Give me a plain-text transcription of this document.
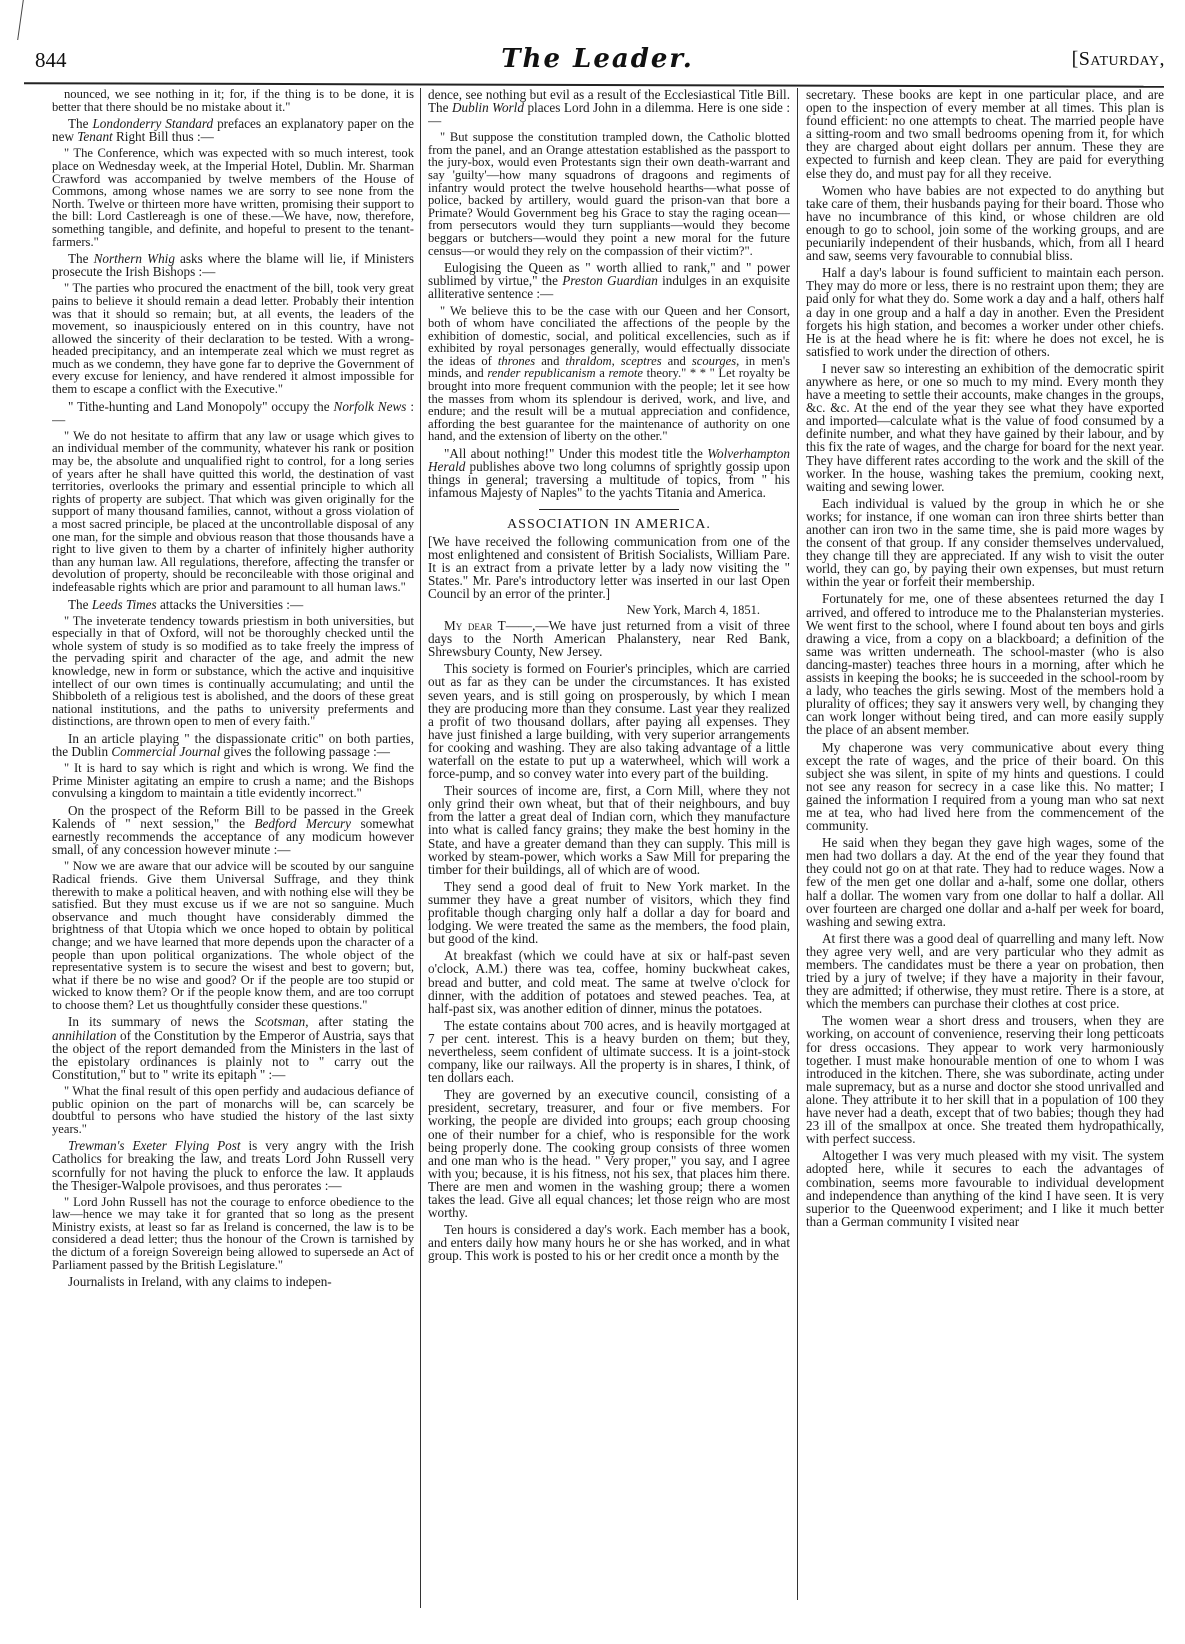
844	The Leader.	[Saturday,

nounced, we see nothing in it; for, if the thing is to be done, it is better that there should be no mistake about it."

The Londonderry Standard prefaces an explanatory paper on the new Tenant Right Bill thus :—

" The Conference, which was expected with so much interest, took place on Wednesday week, at the Imperial Hotel, Dublin. Mr. Sharman Crawford was accompanied by twelve members of the House of Commons, among whose names we are sorry to see none from the North. Twelve or thirteen more have written, promising their support to the bill: Lord Castlereagh is one of these.—We have, now, therefore, something tangible, and definite, and hopeful to present to the tenant-farmers."

The Northern Whig asks where the blame will lie, if Ministers prosecute the Irish Bishops :—

" The parties who procured the enactment of the bill, took very great pains to believe it should remain a dead letter. Probably their intention was that it should so remain; but, at all events, the leaders of the movement, so inauspiciously entered on in this country, have not allowed the sincerity of their declaration to be tested. With a wrong-headed precipitancy, and an intemperate zeal which we must regret as much as we condemn, they have gone far to deprive the Government of every excuse for leniency, and have rendered it almost impossible for them to escape a conflict with the Executive."

" Tithe-hunting and Land Monopoly" occupy the Norfolk News :—

" We do not hesitate to affirm that any law or usage which gives to an individual member of the community, whatever his rank or position may be, the absolute and unqualified right to control, for a long series of years after he shall have quitted this world, the destination of vast territories, overlooks the primary and essential principle to which all rights of property are subject. That which was given originally for the support of many thousand families, cannot, without a gross violation of a most sacred principle, be placed at the uncontrollable disposal of any one man, for the simple and obvious reason that those thousands have a right to live given to them by a charter of infinitely higher authority than any human law. All regulations, therefore, affecting the transfer or devolution of property, should be reconcileable with those original and indefeasable rights which are prior and paramount to all human laws."

The Leeds Times attacks the Universities :—

" The inveterate tendency towards priestism in both universities, but especially in that of Oxford, will not be thoroughly checked until the whole system of study is so modified as to take freely the impress of the pervading spirit and character of the age, and admit the new knowledge, new in form or substance, which the active and inquisitive intellect of our own times is continually accumulating; and until the Shibboleth of a religious test is abolished, and the doors of these great national institutions, and the paths to university preferments and distinctions, are thrown open to men of every faith."

In an article playing " the dispassionate critic" on both parties, the Dublin Commercial Journal gives the following passage :—

" It is hard to say which is right and which is wrong. We find the Prime Minister agitating an empire to crush a name; and the Bishops convulsing a kingdom to maintain a title evidently incorrect."

On the prospect of the Reform Bill to be passed in the Greek Kalends of " next session," the Bedford Mercury somewhat earnestly recommends the acceptance of any modicum however small, of any concession however minute :—

" Now we are aware that our advice will be scouted by our sanguine Radical friends. Give them Universal Suffrage, and they think therewith to make a political heaven, and with nothing else will they be satisfied. But they must excuse us if we are not so sanguine. Much observance and much thought have considerably dimmed the brightness of that Utopia which we once hoped to obtain by political change; and we have learned that more depends upon the character of a people than upon political organizations. The whole object of the representative system is to secure the wisest and best to govern; but, what if there be no wise and good? Or if the people are too stupid or wicked to know them? Or if the people know them, and are too corrupt to choose them? Let us thoughtfully consider these questions."

In its summary of news the Scotsman, after stating the annihilation of the Constitution by the Emperor of Austria, says that the object of the report demanded from the Ministers in the last of the epistolary ordinances is plainly not to " carry out the Constitution," but to " write its epitaph " :—

" What the final result of this open perfidy and audacious defiance of public opinion on the part of monarchs will be, can scarcely be doubtful to persons who have studied the history of the last sixty years."

Trewman's Exeter Flying Post is very angry with the Irish Catholics for breaking the law, and treats Lord John Russell very scornfully for not having the pluck to enforce the law. It applauds the Thesiger-Walpole provisoes, and thus perorates :—

" Lord John Russell has not the courage to enforce obedience to the law—hence we may take it for granted that so long as the present Ministry exists, at least so far as Ireland is concerned, the law is to be considered a dead letter; thus the honour of the Crown is tarnished by the dictum of a foreign Sovereign being allowed to supersede an Act of Parliament passed by the British Legislature."

Journalists in Ireland, with any claims to indepen-

dence, see nothing but evil as a result of the Ecclesiastical Title Bill. The Dublin World places Lord John in a dilemma. Here is one side :—

" But suppose the constitution trampled down, the Catholic blotted from the panel, and an Orange attestation established as the passport to the jury-box, would even Protestants sign their own death-warrant and say 'guilty'—how many squadrons of dragoons and regiments of infantry would protect the twelve household hearths—what posse of police, backed by artillery, would guard the prison-van that bore a Primate? Would Government beg his Grace to stay the raging ocean—from persecutors would they turn suppliants—would they become beggars or butchers—would they point a new moral for the future census—or would they rely on the compassion of their victim?".

Eulogising the Queen as " worth allied to rank," and " power sublimed by virtue," the Preston Guardian indulges in an exquisite alliterative sentence :—

" We believe this to be the case with our Queen and her Consort, both of whom have conciliated the affections of the people by the exhibition of domestic, social, and political excellencies, such as if exhibited by royal personages generally, would effectually dissociate the ideas of thrones and thraldom, sceptres and scourges, in men's minds, and render republicanism a remote theory." * * " Let royalty be brought into more frequent communion with the people; let it see how the masses from whom its splendour is derived, work, and live, and endure; and the result will be a mutual appreciation and confidence, affording the best guarantee for the maintenance of authority on one hand, and the extension of liberty on the other."

"All about nothing!" Under this modest title the Wolverhampton Herald publishes above two long columns of sprightly gossip upon things in general; traversing a multitude of topics, from " his infamous Majesty of Naples" to the yachts Titania and America.

ASSOCIATION IN AMERICA.

[We have received the following communication from one of the most enlightened and consistent of British Socialists, William Pare. It is an extract from a private letter by a lady now visiting the " States." Mr. Pare's introductory letter was inserted in our last Open Council by an error of the printer.]

New York, March 4, 1851.

My dear T——,—We have just returned from a visit of three days to the North American Phalanstery, near Red Bank, Shrewsbury County, New Jersey.

This society is formed on Fourier's principles, which are carried out as far as they can be under the circumstances. It has existed seven years, and is still going on prosperously, by which I mean they are producing more than they consume. Last year they realized a profit of two thousand dollars, after paying all expenses. They have just finished a large building, with very superior arrangements for cooking and washing. They are also taking advantage of a little waterfall on the estate to put up a waterwheel, which will work a force-pump, and so convey water into every part of the building.

Their sources of income are, first, a Corn Mill, where they not only grind their own wheat, but that of their neighbours, and buy from the latter a great deal of Indian corn, which they manufacture into what is called fancy grains; they make the best hominy in the State, and have a greater demand than they can supply. This mill is worked by steam-power, which works a Saw Mill for preparing the timber for their buildings, all of which are of wood.

They send a good deal of fruit to New York market. In the summer they have a great number of visitors, which they find profitable though charging only half a dollar a day for board and lodging. We were treated the same as the members, the food plain, but good of the kind.

At breakfast (which we could have at six or half-past seven o'clock, A.M.) there was tea, coffee, hominy buckwheat cakes, bread and butter, and cold meat. The same at twelve o'clock for dinner, with the addition of potatoes and stewed peaches. Tea, at half-past six, was another edition of dinner, minus the potatoes.

The estate contains about 700 acres, and is heavily mortgaged at 7 per cent. interest. This is a heavy burden on them; but they, nevertheless, seem confident of ultimate success. It is a joint-stock company, like our railways. All the property is in shares, I think, of ten dollars each.

They are governed by an executive council, consisting of a president, secretary, treasurer, and four or five members. For working, the people are divided into groups; each group choosing one of their number for a chief, who is responsible for the work being properly done. The cooking group consists of three women and one man who is the head. " Very proper," you say, and I agree with you; because, it is his fitness, not his sex, that places him there. There are men and women in the washing group; there a women takes the lead. Give all equal chances; let those reign who are most worthy.

Ten hours is considered a day's work. Each member has a book, and enters daily how many hours he or she has worked, and in what group. This work is posted to his or her credit once a month by the

secretary. These books are kept in one particular place, and are open to the inspection of every member at all times. This plan is found efficient: no one attempts to cheat. The married people have a sitting-room and two small bedrooms opening from it, for which they are charged about eight dollars per annum. These they are expected to furnish and keep clean. They are paid for everything else they do, and must pay for all they receive.

Women who have babies are not expected to do anything but take care of them, their husbands paying for their board. Those who have no incumbrance of this kind, or whose children are old enough to go to school, join some of the working groups, and are pecuniarily independent of their husbands, which, from all I heard and saw, seems very favourable to connubial bliss.

Half a day's labour is found sufficient to maintain each person. They may do more or less, there is no restraint upon them; they are paid only for what they do. Some work a day and a half, others half a day in one group and a half a day in another. Even the President forgets his high station, and becomes a worker under other chiefs. He is at the head where he is fit: where he does not excel, he is satisfied to work under the direction of others.

I never saw so interesting an exhibition of the democratic spirit anywhere as here, or one so much to my mind. Every month they have a meeting to settle their accounts, make changes in the groups, &c. &c. At the end of the year they see what they have exported and imported—calculate what is the value of food consumed by a definite number, and what they have gained by their labour, and by this fix the rate of wages, and the charge for board for the next year. They have different rates according to the work and the skill of the worker. In the house, washing takes the premium, cooking next, waiting and sewing lower.

Each individual is valued by the group in which he or she works; for instance, if one woman can iron three shirts better than another can iron two in the same time, she is paid more wages by the consent of that group. If any consider themselves undervalued, they change till they are appreciated. If any wish to visit the outer world, they can go, by paying their own expenses, but must return within the year or forfeit their membership.

Fortunately for me, one of these absentees returned the day I arrived, and offered to introduce me to the Phalansterian mysteries. We went first to the school, where I found about ten boys and girls drawing a vice, from a copy on a blackboard; a definition of the same was written underneath. The school-master (who is also dancing-master) teaches three hours in a morning, after which he assists in keeping the books; he is succeeded in the school-room by a lady, who teaches the girls sewing. Most of the members hold a plurality of offices; they say it answers very well, by changing they can work longer without being tired, and can more easily supply the place of an absent member.

My chaperone was very communicative about every thing except the rate of wages, and the price of their board. On this subject she was silent, in spite of my hints and questions. I could not see any reason for secrecy in a case like this. No matter; I gained the information I required from a young man who sat next me at tea, who had lived here from the commencement of the community.

He said when they began they gave high wages, some of the men had two dollars a day. At the end of the year they found that they could not go on at that rate. They had to reduce wages. Now a few of the men get one dollar and a-half, some one dollar, others half a dollar. The women vary from one dollar to half a dollar. All over fourteen are charged one dollar and a-half per week for board, washing and sewing extra.

At first there was a good deal of quarrelling and many left. Now they agree very well, and are very particular who they admit as members. The candidates must be there a year on probation, then tried by a jury of twelve; if they have a majority in their favour, they are admitted; if otherwise, they must retire. There is a store, at which the members can purchase their clothes at cost price.

The women wear a short dress and trousers, when they are working, on account of convenience, reserving their long petticoats for dress occasions. They appear to work very harmoniously together. I must make honourable mention of one to whom I was introduced in the kitchen. There, she was subordinate, acting under male supremacy, but as a nurse and doctor she stood unrivalled and alone. They attribute it to her skill that in a population of 100 they have never had a death, except that of two babies; though they had 23 ill of the smallpox at once. She treated them hydropathically, with perfect success.

Altogether I was very much pleased with my visit. The system adopted here, while it secures to each the advantages of combination, seems more favourable to individual development and independence than anything of the kind I have seen. It is very superior to the Queenwood experiment; and I like it much better than a German community I visited near
